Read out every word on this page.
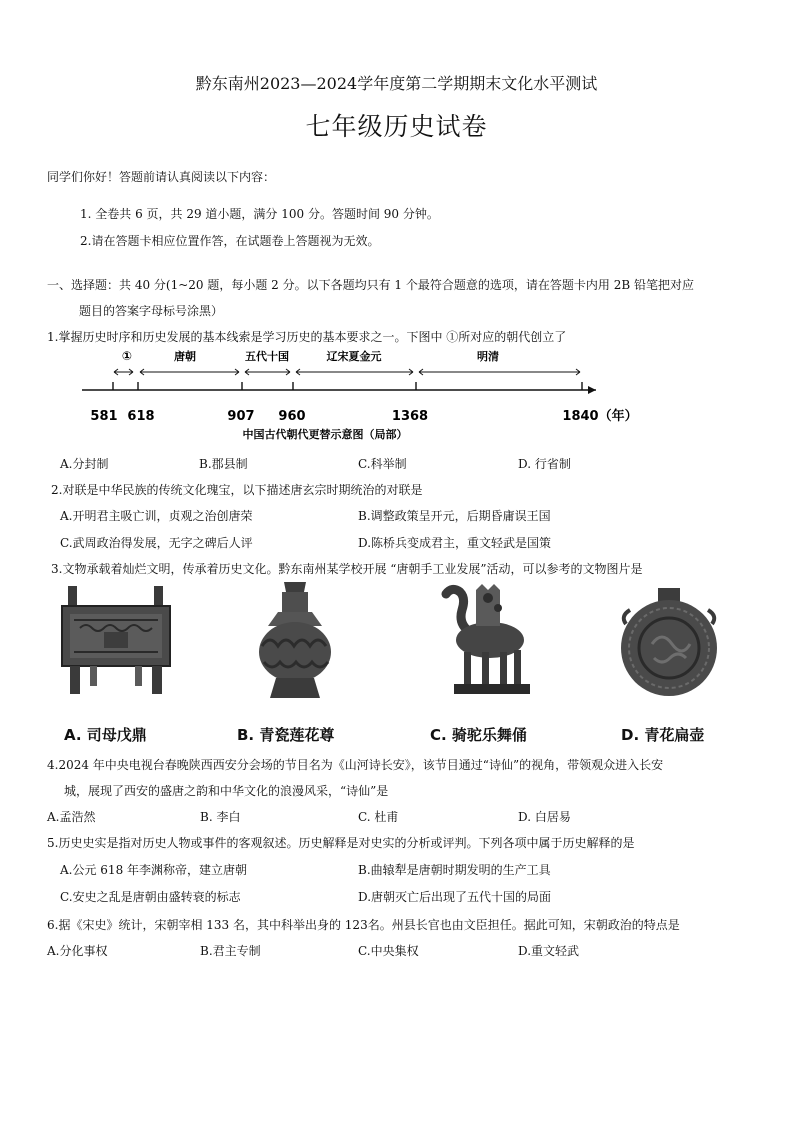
黔东南州2023—2024学年度第二学期期末文化水平测试
七年级历史试卷
同学们你好！答题前请认真阅读以下内容：
1. 全卷共 6 页，共 29 道小题，满分 100 分。答题时间 90 分钟。
2.请在答题卡相应位置作答，在试题卷上答题视为无效。
一、选择题：共 40 分(1~20 题，每小题 2 分。以下各题均只有 1 个最符合题意的选项，请在答题卡内用 2B 铅笔把对应
题目的答案字母标号涂黑）
1.掌握历史时序和历史发展的基本线索是学习历史的基本要求之一。下图中 ①所对应的朝代创立了
①	唐朝	五代十国	辽宋夏金元	明清
581 618	907 960	1368	1840（年）
中国古代朝代更替示意图（局部）
A.分封制	B.郡县制	C.科举制	D. 行省制
2.对联是中华民族的传统文化瑰宝，以下描述唐玄宗时期统治的对联是
A.开明君主吸亡训，贞观之治创唐荣	B.调整政策呈开元，后期昏庸误王国
C.武周政治得发展，无字之碑后人评	D.陈桥兵变成君主，重文轻武是国策
3.文物承载着灿烂文明，传承着历史文化。黔东南州某学校开展 “唐朝手工业发展”活动，可以参考的文物图片是
A. 司母戊鼎	B. 青瓷莲花尊	C. 骑驼乐舞俑	D. 青花扁壶
4.2024 年中央电视台春晚陕西西安分会场的节目名为《山河诗长安》，该节目通过“诗仙”的视角，带领观众进入长安
城，展现了西安的盛唐之韵和中华文化的浪漫风采，“诗仙”是
A.孟浩然	B. 李白	C. 杜甫	D. 白居易
5.历史史实是指对历史人物或事件的客观叙述。历史解释是对史实的分析或评判。下列各项中属于历史解释的是
A.公元 618 年李渊称帝，建立唐朝	B.曲辕犁是唐朝时期发明的生产工具
C.安史之乱是唐朝由盛转衰的标志	D.唐朝灭亡后出现了五代十国的局面
6.据《宋史》统计，宋朝宰相 133 名，其中科举出身的 123名。州县长官也由文臣担任。据此可知，宋朝政治的特点是
A.分化事权	B.君主专制	C.中央集权	D.重文轻武
